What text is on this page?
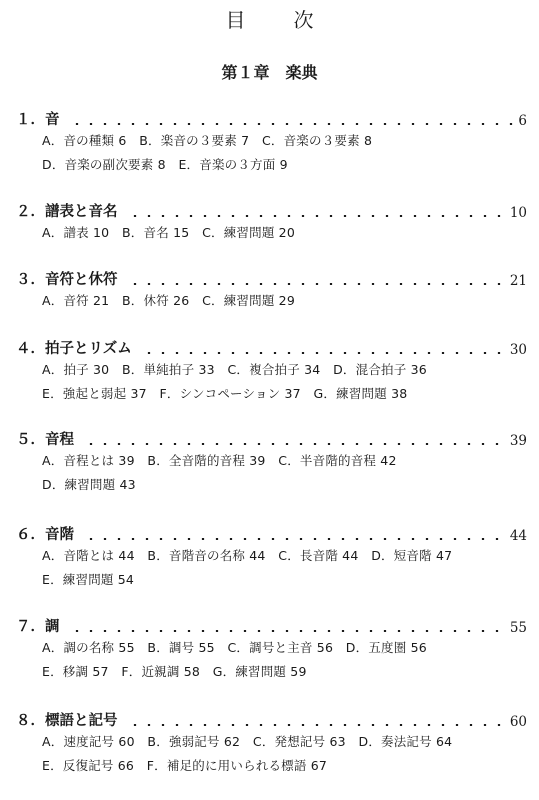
目　次
第１章　楽典
１．音	6
A．音の種類 6　B．楽音の３要素 7　C．音楽の３要素 8
D．音楽の副次要素 8　E．音楽の３方面 9
２．譜表と音名	10
A．譜表 10　B．音名 15　C．練習問題 20
３．音符と休符	21
A．音符 21　B．休符 26　C．練習問題 29
４．拍子とリズム	30
A．拍子 30　B．単純拍子 33　C．複合拍子 34　D．混合拍子 36
E．強起と弱起 37　F．シンコペーション 37　G．練習問題 38
５．音程	39
A．音程とは 39　B．全音階的音程 39　C．半音階的音程 42
D．練習問題 43
６．音階	44
A．音階とは 44　B．音階音の名称 44　C．長音階 44　D．短音階 47
E．練習問題 54
７．調	55
A．調の名称 55　B．調号 55　C．調号と主音 56　D．五度圏 56
E．移調 57　F．近親調 58　G．練習問題 59
８．標語と記号	60
A．速度記号 60　B．強弱記号 62　C．発想記号 63　D．奏法記号 64
E．反復記号 66　F．補足的に用いられる標語 67
